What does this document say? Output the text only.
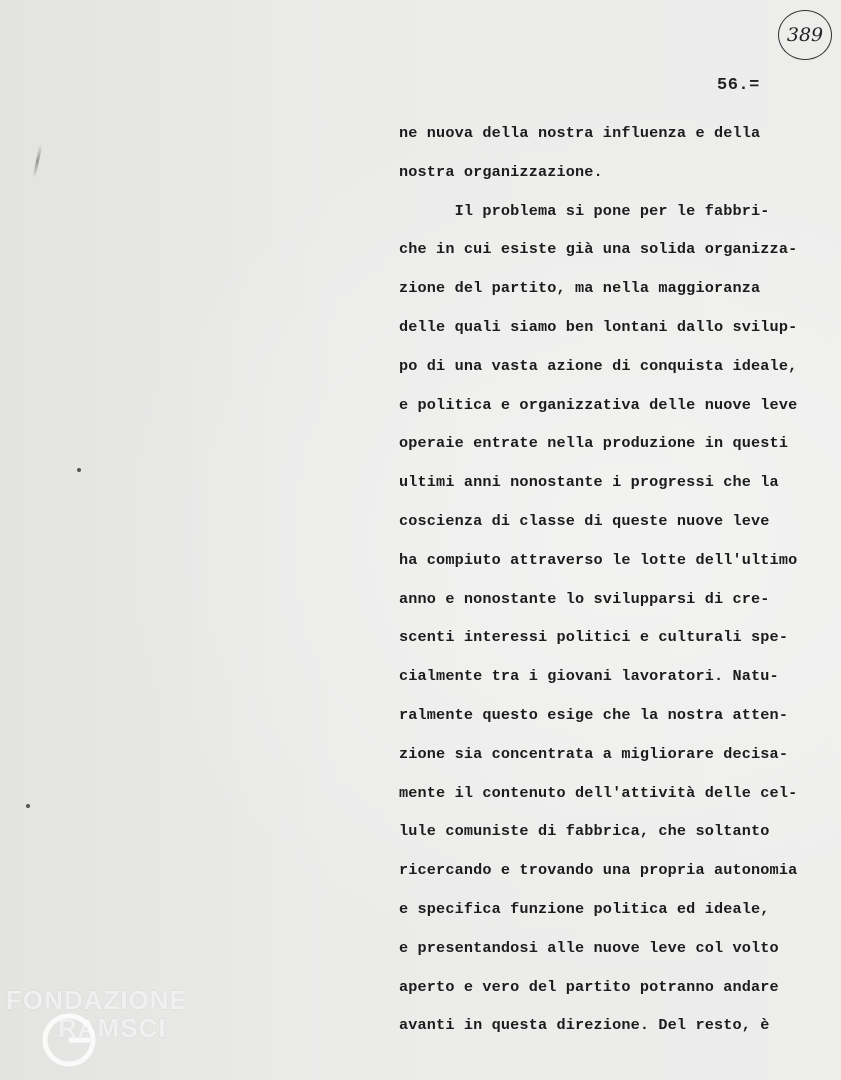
389
56.=
ne nuova della nostra influenza e della
nostra organizzazione.
Il problema si pone per le fabbri-
che in cui esiste già una solida organizza-
zione del partito, ma nella maggioranza
delle quali siamo ben lontani dallo svilup-
po di una vasta azione di conquista ideale,
e politica e organizzativa delle nuove leve
operaie entrate nella produzione in questi
ultimi anni nonostante i progressi che la
coscienza di classe di queste nuove leve
ha compiuto attraverso le lotte dell'ultimo
anno e nonostante lo svilupparsi di cre-
scenti interessi politici e culturali spe-
cialmente tra i giovani lavoratori. Natu-
ralmente questo esige che la nostra atten-
zione sia concentrata a migliorare decisa-
mente il contenuto dell'attività delle cel-
lule comuniste di fabbrica, che soltanto
ricercando e trovando una propria autonomia
e specifica funzione politica ed ideale,
e presentandosi alle nuove leve col volto
aperto e vero del partito potranno andare
avanti in questa direzione. Del resto, è
FONDAZIONE
RAMSCI
